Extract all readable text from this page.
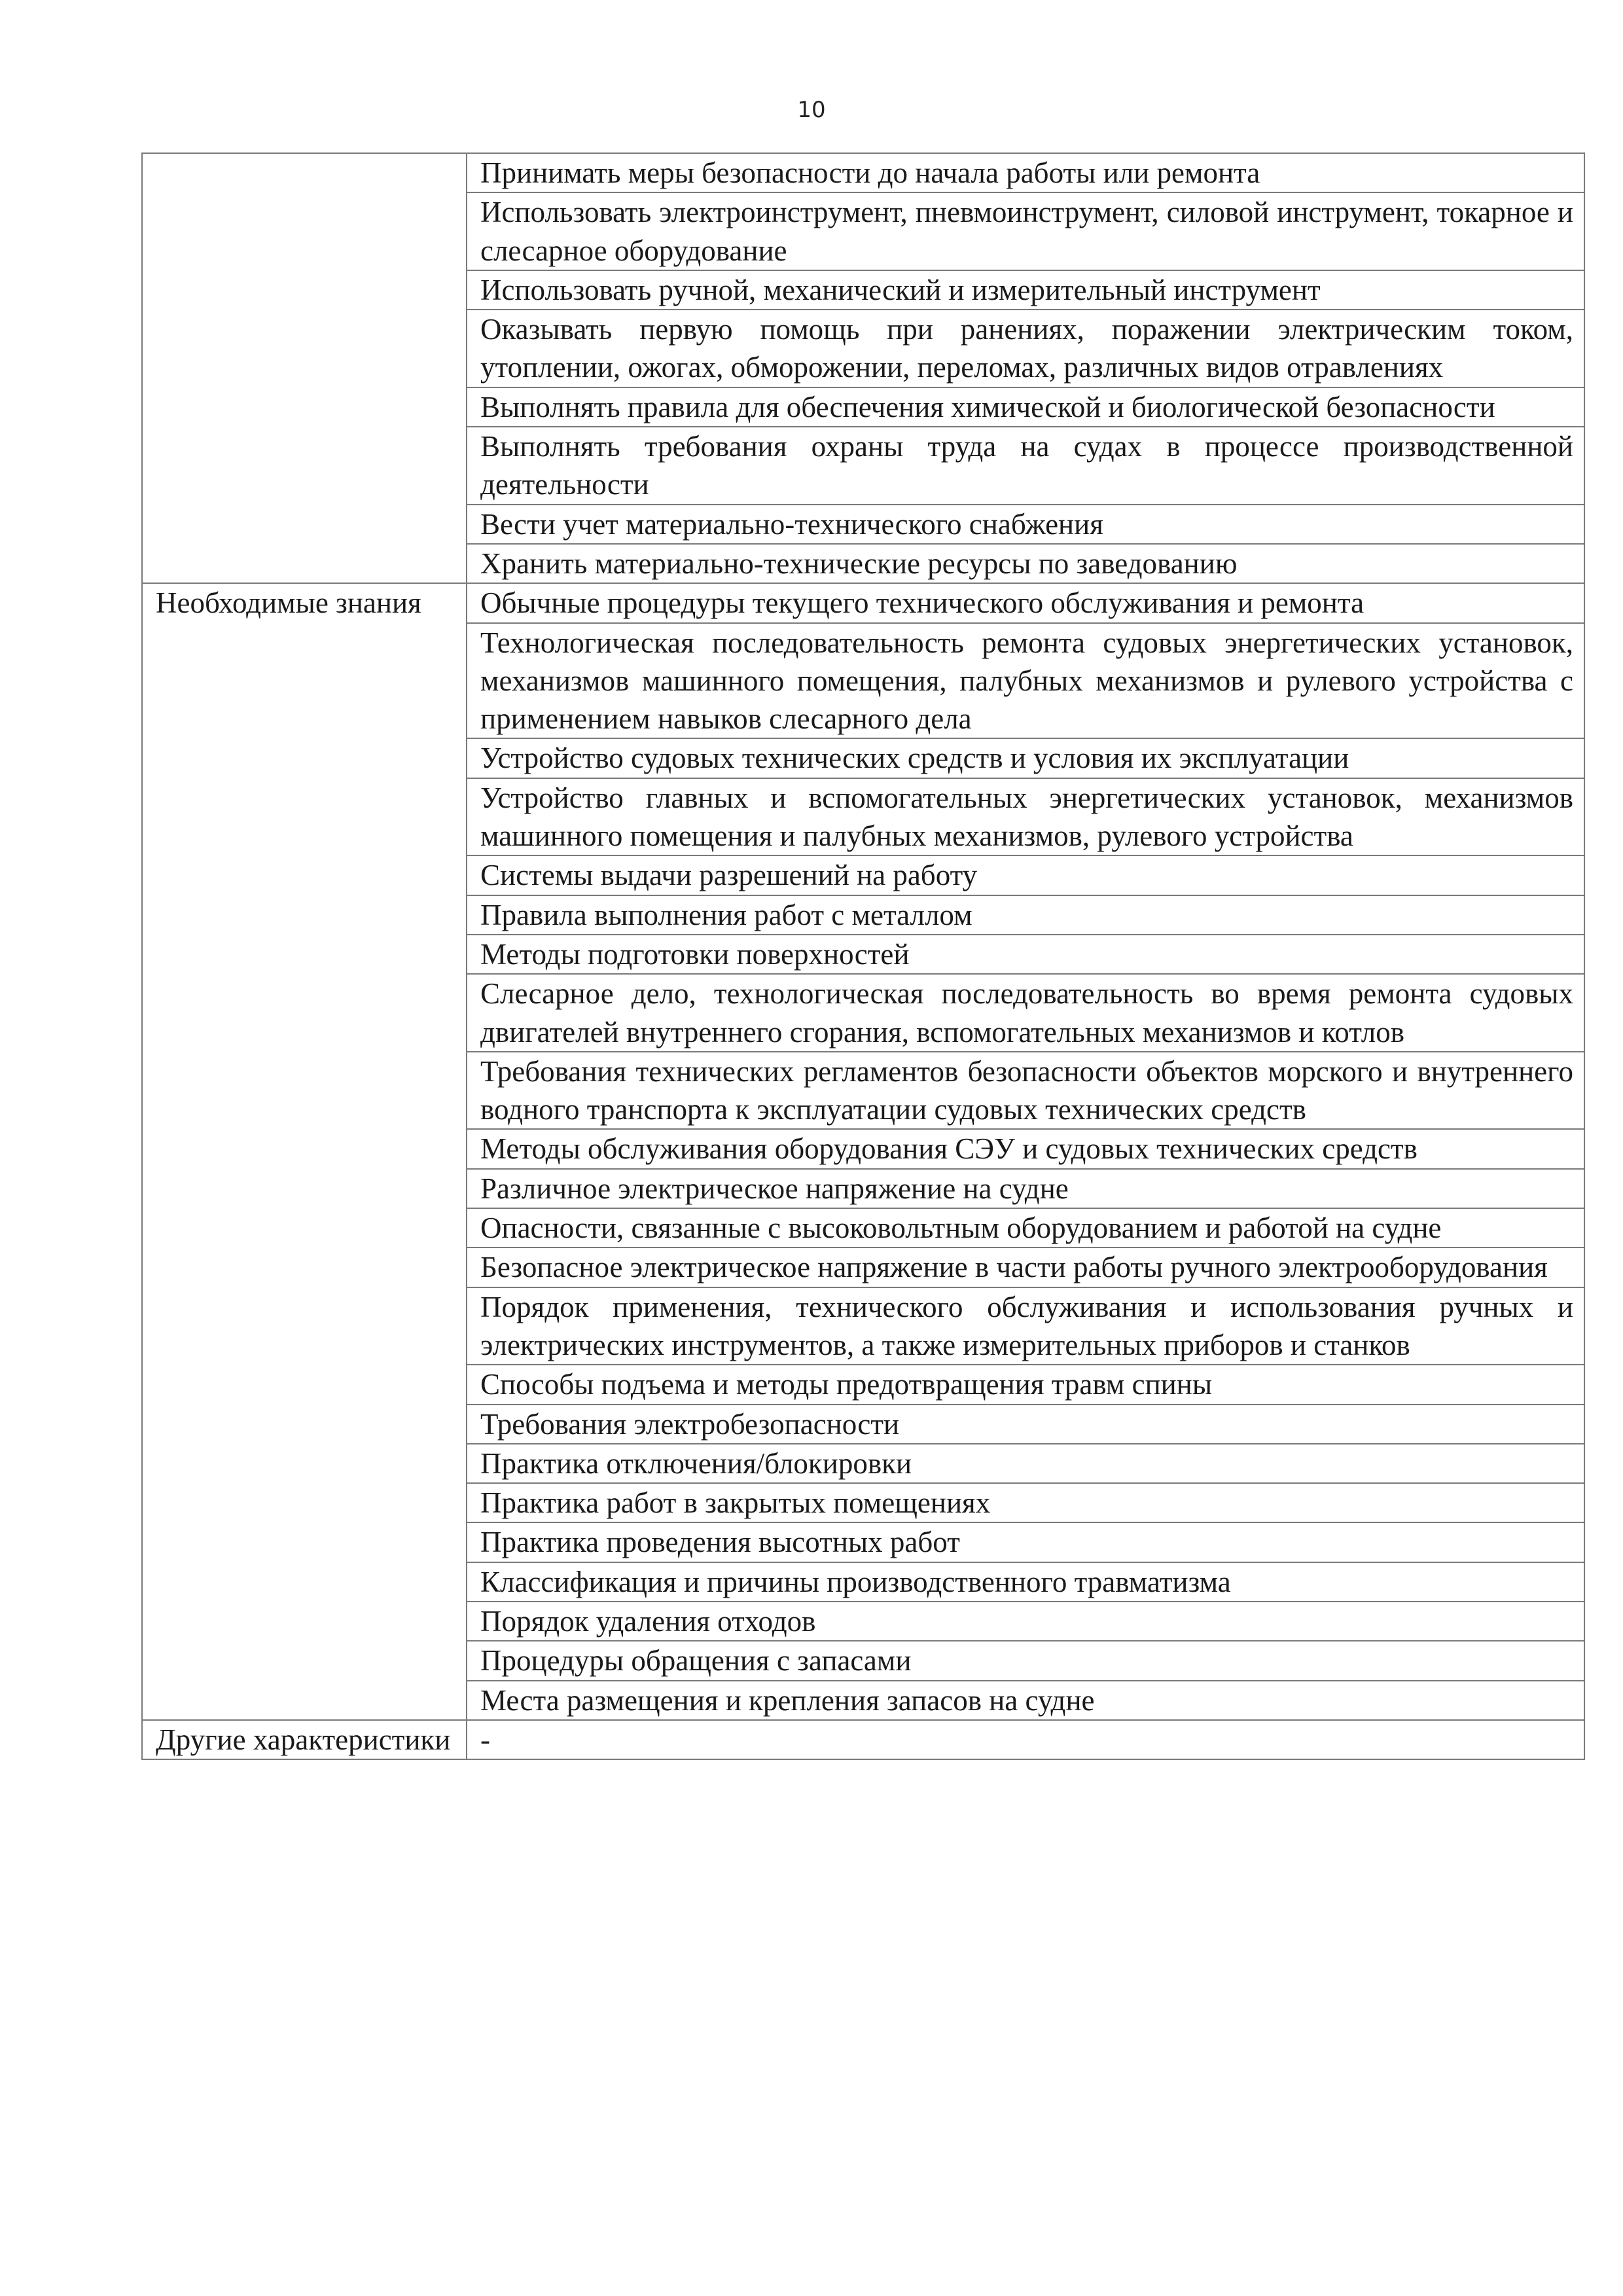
10
	Принимать меры безопасности до начала работы или ремонта
	Использовать электроинструмент, пневмоинструмент, силовой инструмент, токарное и слесарное оборудование
	Использовать ручной, механический и измерительный инструмент
	Оказывать первую помощь при ранениях, поражении электрическим током, утоплении, ожогах, обморожении, переломах, различных видов отравлениях
	Выполнять правила для обеспечения химической и биологической безопасности
	Выполнять требования охраны труда на судах в процессе производственной деятельности
	Вести учет материально-технического снабжения
	Хранить материально-технические ресурсы по заведованию
Необходимые знания	Обычные процедуры текущего технического обслуживания и ремонта
	Технологическая последовательность ремонта судовых энергетических установок, механизмов машинного помещения, палубных механизмов и рулевого устройства с применением навыков слесарного дела
	Устройство судовых технических средств и условия их эксплуатации
	Устройство главных и вспомогательных энергетических установок, механизмов машинного помещения и палубных механизмов, рулевого устройства
	Системы выдачи разрешений на работу
	Правила выполнения работ с металлом
	Методы подготовки поверхностей
	Слесарное дело, технологическая последовательность во время ремонта судовых двигателей внутреннего сгорания, вспомогательных механизмов и котлов
	Требования технических регламентов безопасности объектов морского и внутреннего водного транспорта к эксплуатации судовых технических средств
	Методы обслуживания оборудования СЭУ и судовых технических средств
	Различное электрическое напряжение на судне
	Опасности, связанные с высоковольтным оборудованием и работой на судне
	Безопасное электрическое напряжение в части работы ручного электрооборудования
	Порядок применения, технического обслуживания и использования ручных и электрических инструментов, а также измерительных приборов и станков
	Способы подъема и методы предотвращения травм спины
	Требования электробезопасности
	Практика отключения/блокировки
	Практика работ в закрытых помещениях
	Практика проведения высотных работ
	Классификация и причины производственного травматизма
	Порядок удаления отходов
	Процедуры обращения с запасами
	Места размещения и крепления запасов на судне
Другие характеристики	-
